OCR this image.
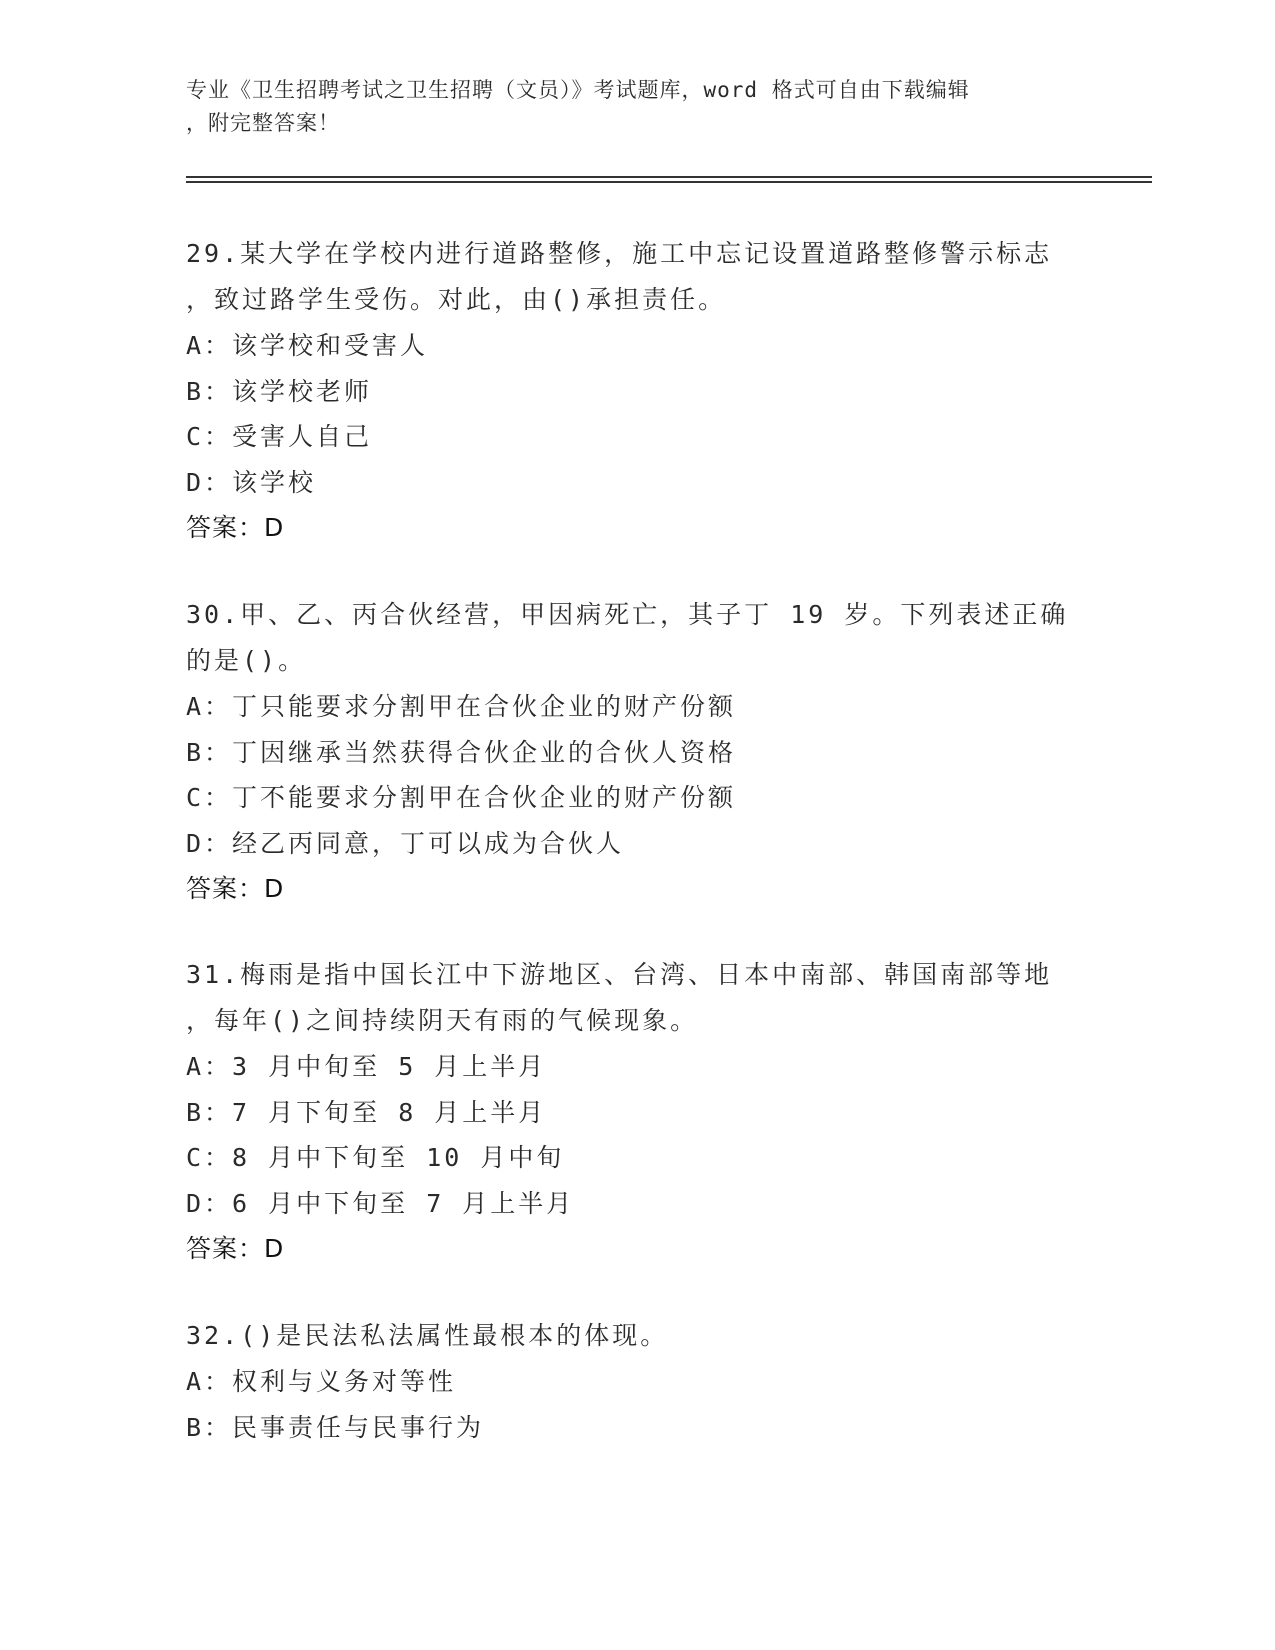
专业《卫生招聘考试之卫生招聘（文员）》考试题库，word 格式可自由下载编辑
，附完整答案！
29.某大学在学校内进行道路整修，施工中忘记设置道路整修警示标志
，致过路学生受伤。对此，由()承担责任。
A：该学校和受害人
B：该学校老师
C：受害人自己
D：该学校
答案：D
30.甲、乙、丙合伙经营，甲因病死亡，其子丁 19 岁。下列表述正确
的是()。
A：丁只能要求分割甲在合伙企业的财产份额
B：丁因继承当然获得合伙企业的合伙人资格
C：丁不能要求分割甲在合伙企业的财产份额
D：经乙丙同意，丁可以成为合伙人
答案：D
31.梅雨是指中国长江中下游地区、台湾、日本中南部、韩国南部等地
，每年()之间持续阴天有雨的气候现象。
A：3 月中旬至 5 月上半月
B：7 月下旬至 8 月上半月
C：8 月中下旬至 10 月中旬
D：6 月中下旬至 7 月上半月
答案：D
32.()是民法私法属性最根本的体现。
A：权利与义务对等性
B：民事责任与民事行为
